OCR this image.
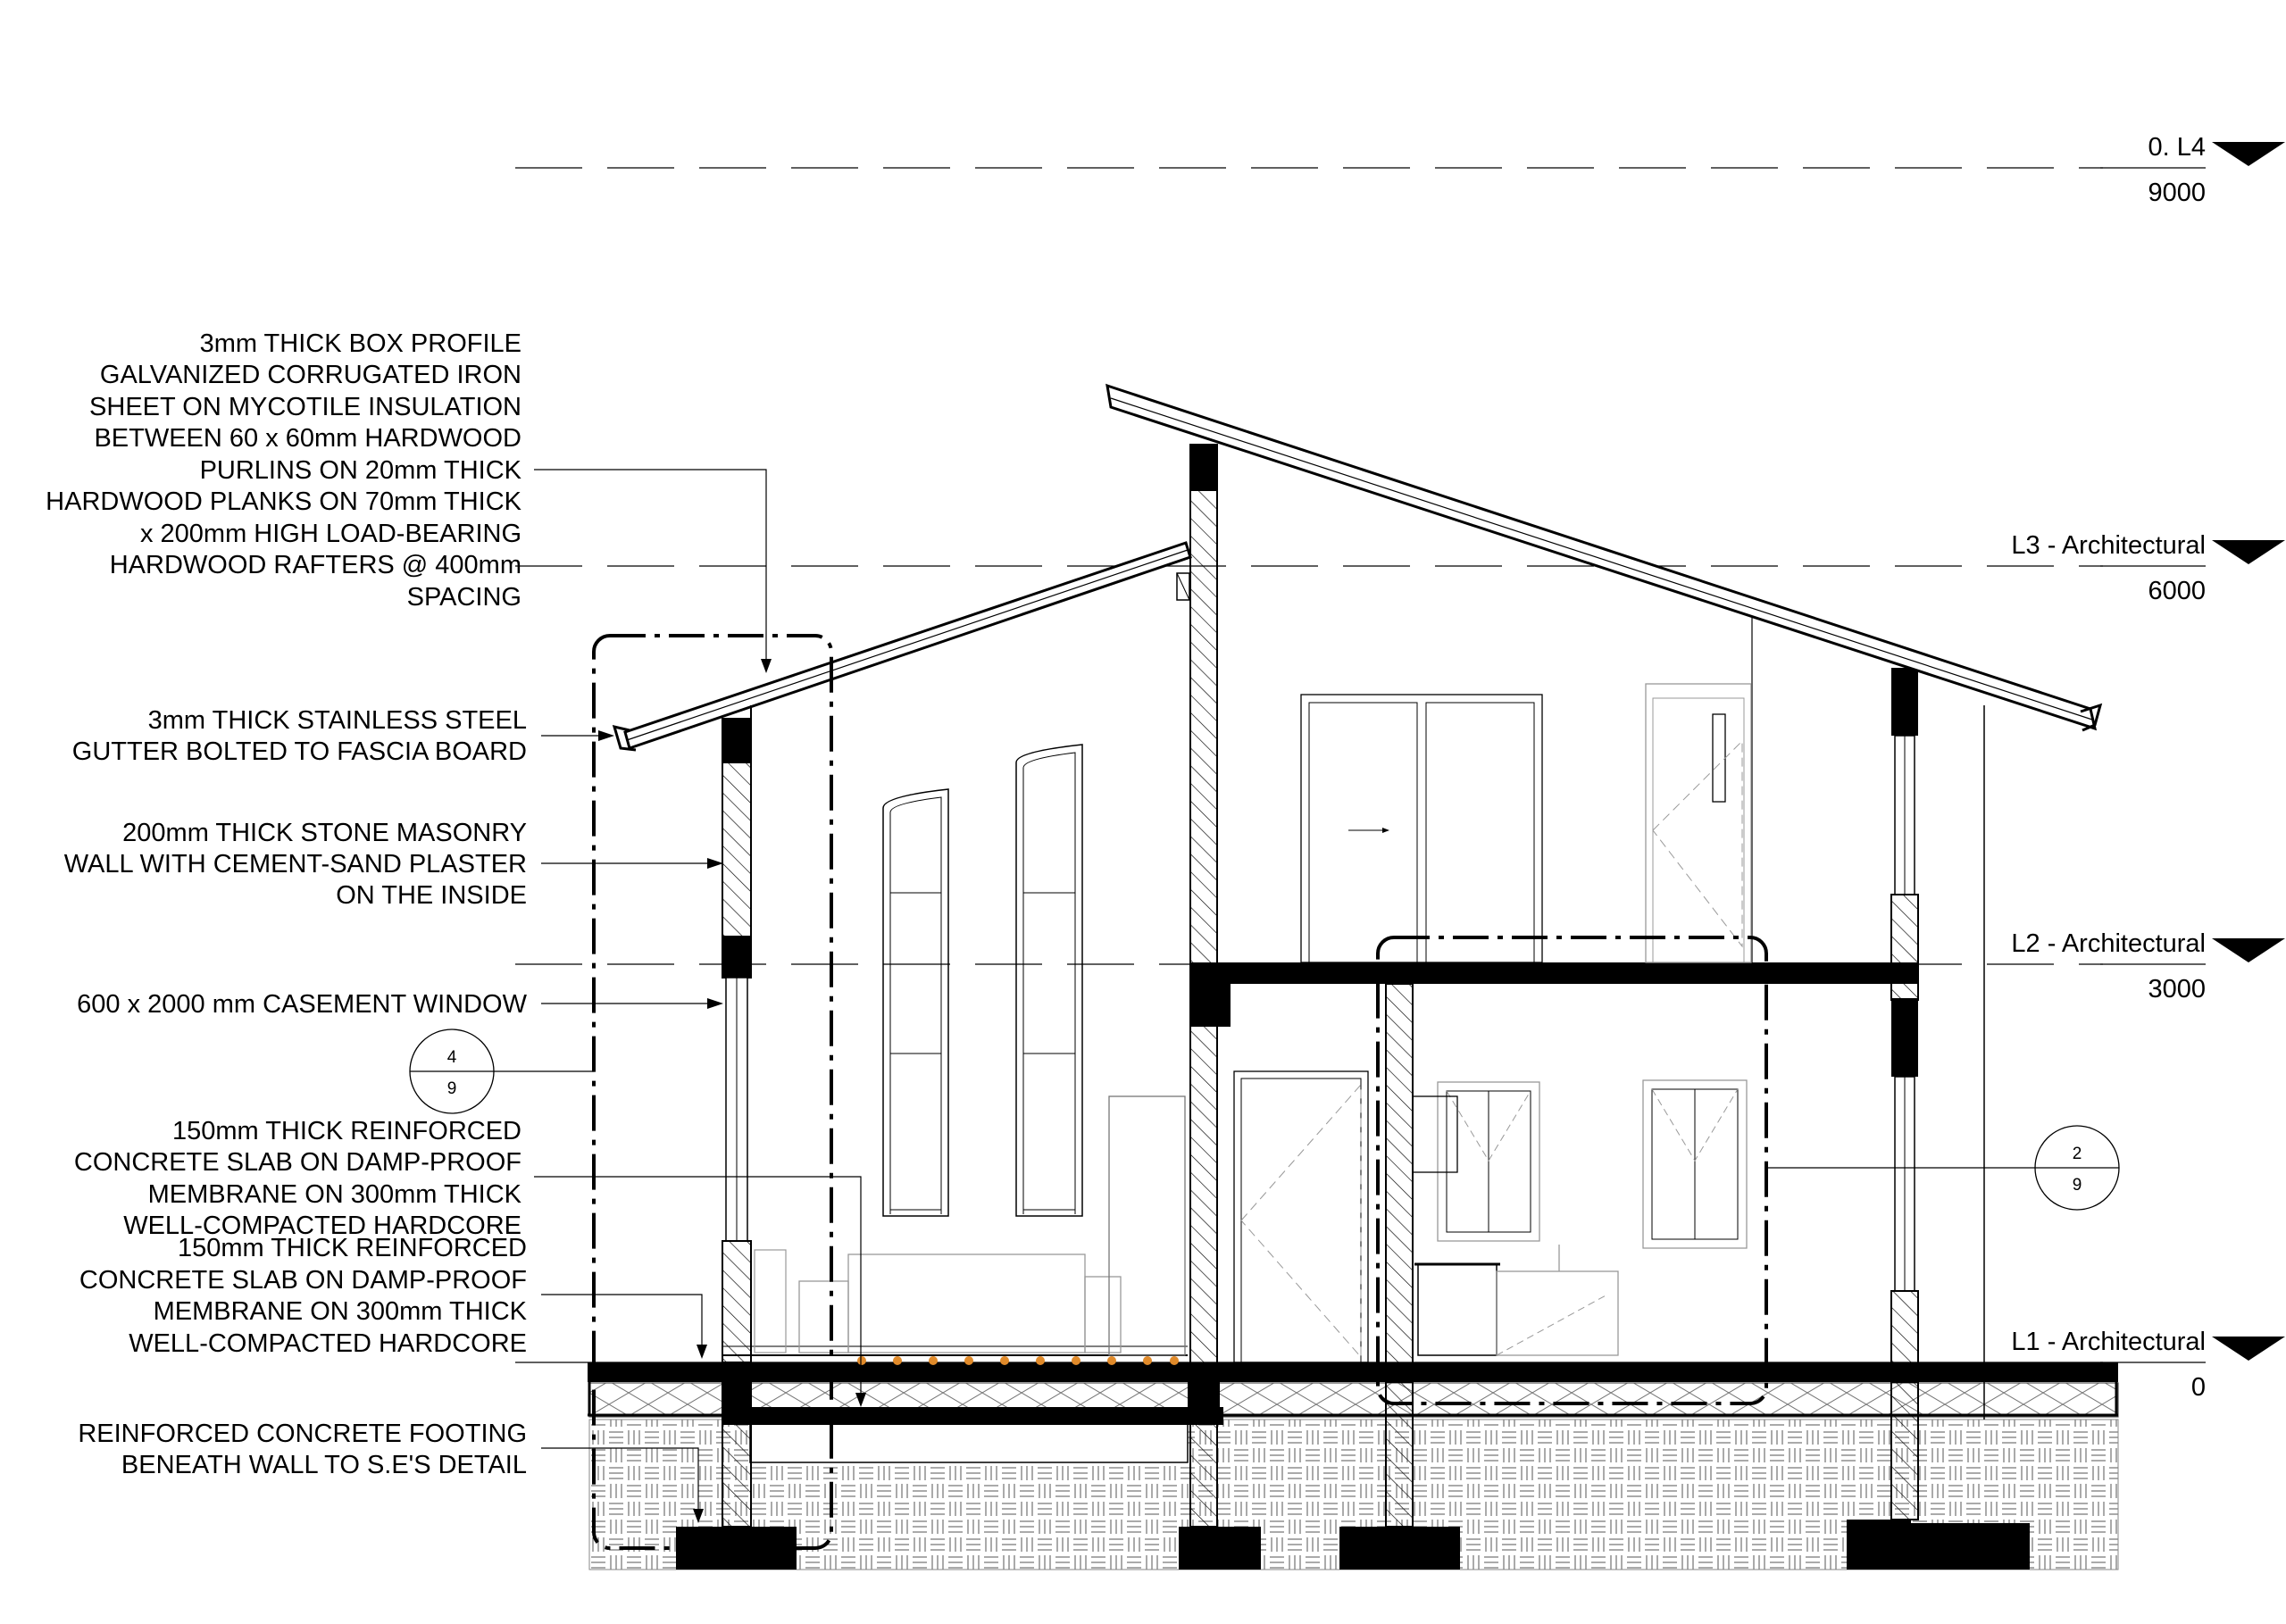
0. L4
9000
L3 - Architectural
6000
L2 - Architectural
3000
L1 - Architectural
0
4
9
2
9
3mm THICK BOX PROFILE
GALVANIZED CORRUGATED IRON
SHEET ON MYCOTILE INSULATION
BETWEEN 60 x 60mm HARDWOOD
PURLINS ON 20mm THICK
HARDWOOD PLANKS ON 70mm THICK
x 200mm HIGH LOAD-BEARING
HARDWOOD RAFTERS @ 400mm
SPACING
3mm THICK STAINLESS STEEL
GUTTER BOLTED TO FASCIA BOARD
200mm THICK STONE MASONRY
WALL WITH CEMENT-SAND PLASTER
ON THE INSIDE
600 x 2000 mm CASEMENT WINDOW
150mm THICK REINFORCED
CONCRETE SLAB ON DAMP-PROOF
MEMBRANE ON 300mm THICK
WELL-COMPACTED HARDCORE
150mm THICK REINFORCED
CONCRETE SLAB ON DAMP-PROOF
MEMBRANE ON 300mm THICK
WELL-COMPACTED HARDCORE
REINFORCED CONCRETE FOOTING
BENEATH WALL TO S.E'S DETAIL
